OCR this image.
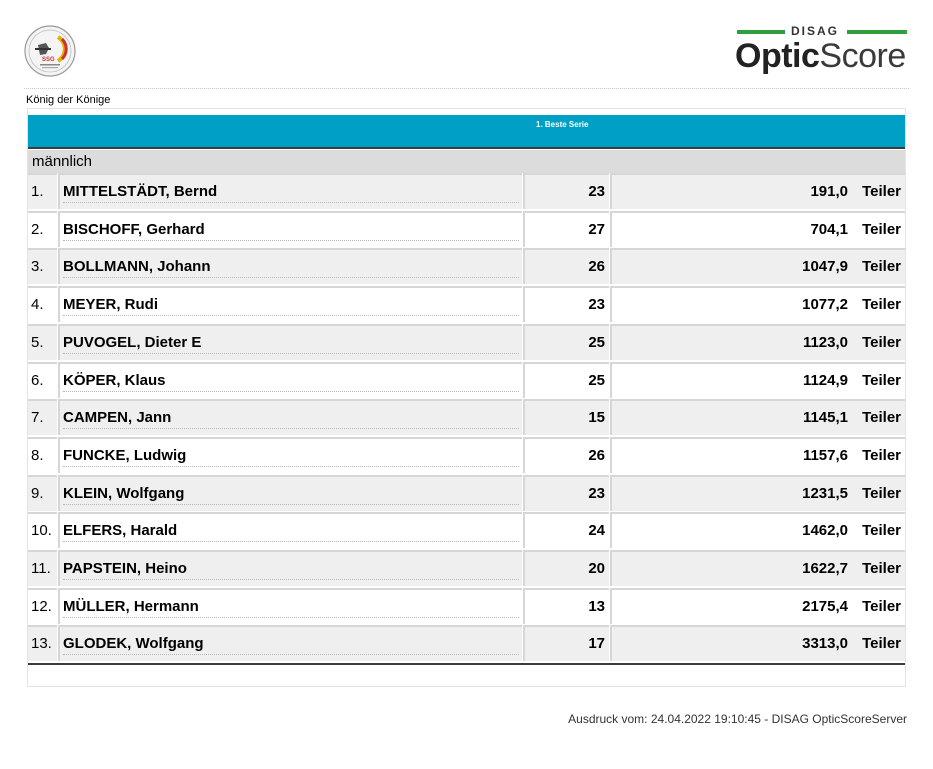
SSG
DISAG
OpticScore
König der Könige
1. Beste Serie
männlich
1. MITTELSTÄDT, Bernd	23	191,0 Teiler
2. BISCHOFF, Gerhard	27	704,1 Teiler
3. BOLLMANN, Johann	26	1047,9 Teiler
4. MEYER, Rudi	23	1077,2 Teiler
5. PUVOGEL, Dieter E	25	1123,0 Teiler
6. KÖPER, Klaus	25	1124,9 Teiler
7. CAMPEN, Jann	15	1145,1 Teiler
8. FUNCKE, Ludwig	26	1157,6 Teiler
9. KLEIN, Wolfgang	23	1231,5 Teiler
10. ELFERS, Harald	24	1462,0 Teiler
11. PAPSTEIN, Heino	20	1622,7 Teiler
12. MÜLLER, Hermann	13	2175,4 Teiler
13. GLODEK, Wolfgang	17	3313,0 Teiler
Ausdruck vom: 24.04.2022 19:10:45 - DISAG OpticScoreServer
